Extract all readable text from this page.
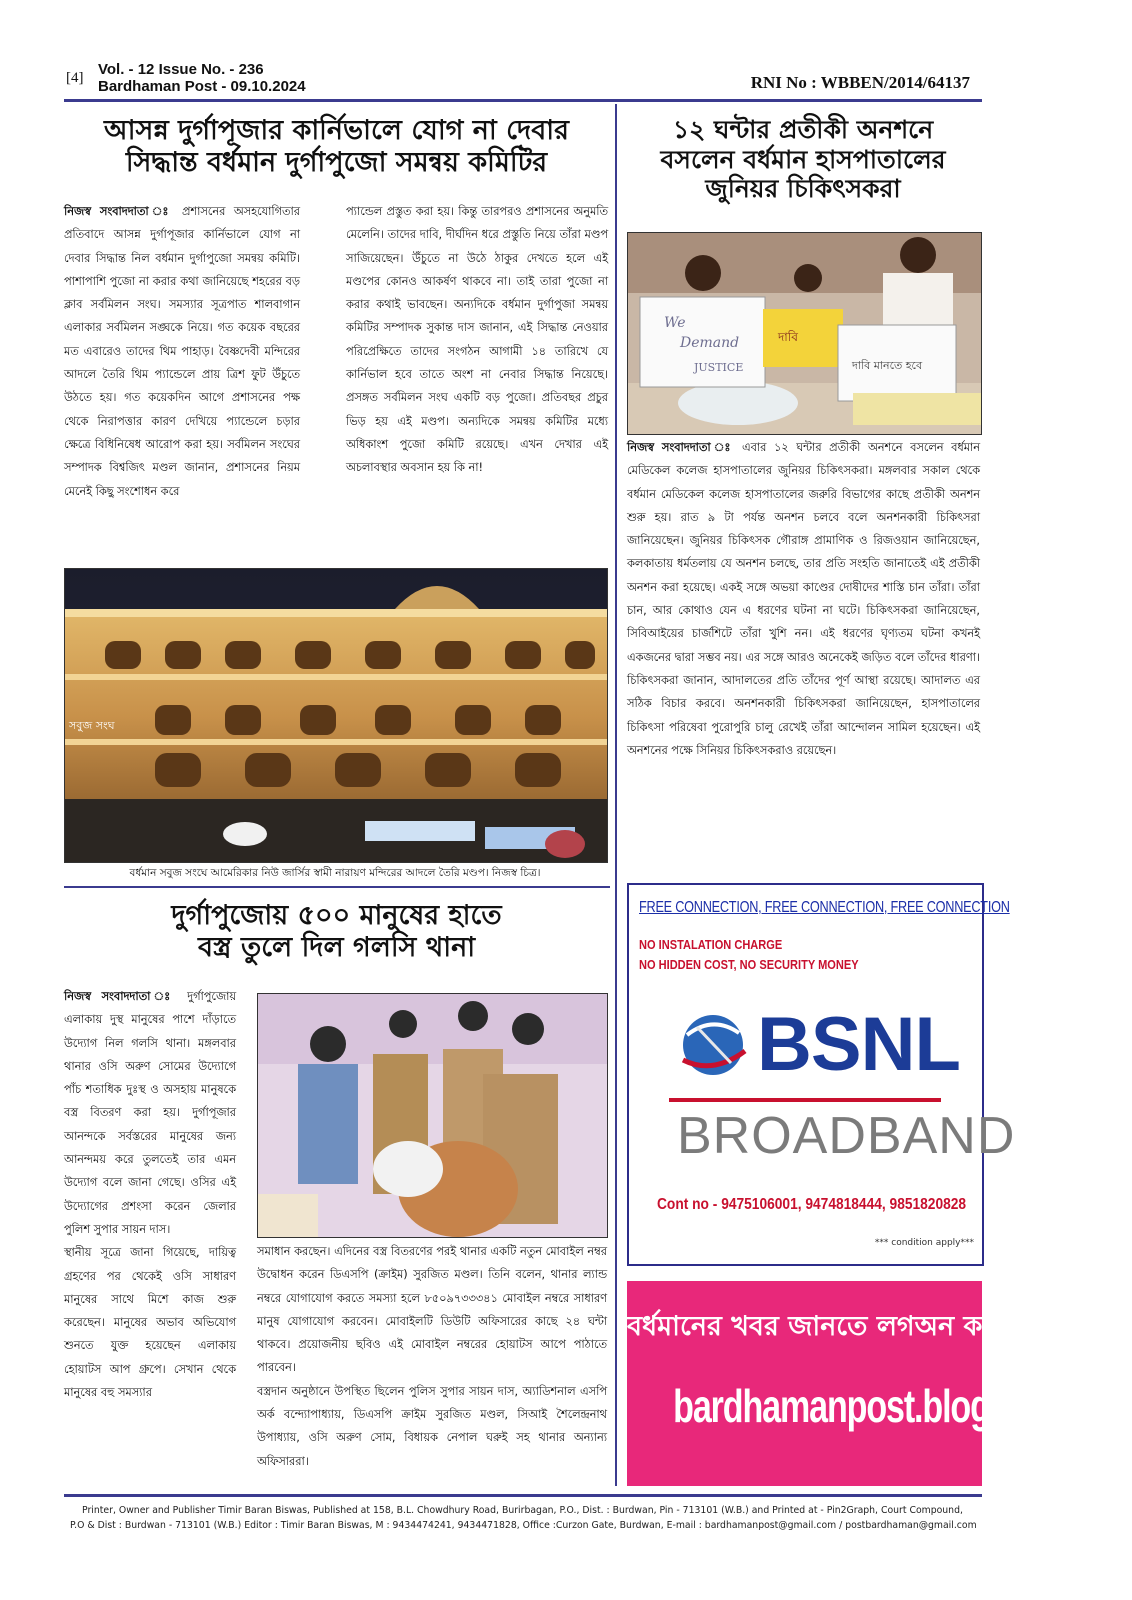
[4] Vol. - 12 Issue No. - 236
Bardhaman Post - 09.10.2024	RNI No : WBBEN/2014/64137
আসন্ন দুর্গাপূজার কার্নিভালে যোগ না দেবার
সিদ্ধান্ত বর্ধমান দুর্গাপুজো সমন্বয় কমিটির

নিজস্ব সংবাদদাতা ঃ প্রশাসনের অসহযোগিতার প্রতিবাদে আসন্ন দুর্গাপূজার কার্নিভালে যোগ না দেবার সিদ্ধান্ত নিল বর্ধমান দুর্গাপুজো সমন্বয় কমিটি। পাশাপাশি পুজো না করার কথা জানিয়েছে শহরের বড় ক্লাব সর্বমিলন সংঘ। সমস্যার সূত্রপাত শালবাগান এলাকার সর্বমিলন সঙ্ঘকে নিয়ে। গত কয়েক বছরের মত এবারেও তাদের থিম পাহাড়। বৈষ্ণদেবী মন্দিরের আদলে তৈরি থিম প্যান্ডেলে প্রায় ত্রিশ ফুট উঁচুতে উঠতে হয়। গত কয়েকদিন আগে প্রশাসনের পক্ষ থেকে নিরাপত্তার কারণ দেখিয়ে প্যান্ডেলে চড়ার ক্ষেত্রে বিধিনিষেধ আরোপ করা হয়। সর্বমিলন সংঘের সম্পাদক বিশ্বজিৎ মণ্ডল জানান, প্রশাসনের নিয়ম মেনেই কিছু সংশোধন করে

প্যান্ডেল প্রস্তুত করা হয়। কিন্তু তারপরও প্রশাসনের অনুমতি মেলেনি। তাদের দাবি, দীর্ঘদিন ধরে প্রস্তুতি নিয়ে তাঁরা মণ্ডপ সাজিয়েছেন। উঁচুতে না উঠে ঠাকুর দেখতে হলে এই মণ্ডপের কোনও আকর্ষণ থাকবে না। তাই তারা পুজো না করার কথাই ভাবছেন। অন্যদিকে বর্ধমান দুর্গাপুজা সমন্বয় কমিটির সম্পাদক সুকান্ত দাস জানান, এই সিদ্ধান্ত নেওয়ার পরিপ্রেক্ষিতে তাদের সংগঠন আগামী ১৪ তারিখে যে কার্নিভাল হবে তাতে অংশ না নেবার সিদ্ধান্ত নিয়েছে। প্রসঙ্গত সর্বমিলন সংঘ একটি বড় পুজো। প্রতিবছর প্রচুর ভিড় হয় এই মণ্ডপ। অন্যদিকে সমন্বয় কমিটির মধ্যে অধিকাংশ পুজো কমিটি রয়েছে। এখন দেখার এই অচলাবস্থার অবসান হয় কি না!

সবুজ সংঘ
বর্ধমান সবুজ সংঘে আমেরিকার নিউ জার্সির স্বামী নারায়ণ মন্দিরের আদলে তৈরি মণ্ডপ। নিজস্ব চিত্র।
১২ ঘন্টার প্রতীকী অনশনে
বসলেন বর্ধমান হাসপাতালের
জুনিয়র চিকিৎসকরা
We
Demand
JUSTICE
দাবি
দাবি মানতে হবে

নিজস্ব সংবাদদাতা ঃ এবার ১২ ঘন্টার প্রতীকী অনশনে বসলেন বর্ধমান মেডিকেল কলেজ হাসপাতালের জুনিয়র চিকিৎসকরা। মঙ্গলবার সকাল থেকে বর্ধমান মেডিকেল কলেজ হাসপাতালের জরুরি বিভাগের কাছে প্রতীকী অনশন শুরু হয়। রাত ৯ টা পর্যন্ত অনশন চলবে বলে অনশনকারী চিকিৎসরা জানিয়েছেন। জুনিয়র চিকিৎসক গৌরাঙ্গ প্রামাণিক ও রিজওয়ান জানিয়েছেন, কলকাতায় ধর্মতলায় যে অনশন চলছে, তার প্রতি সংহতি জানাতেই এই প্রতীকী অনশন করা হয়েছে। একই সঙ্গে অভয়া কাণ্ডের দোষীদের শাস্তি চান তাঁরা। তাঁরা চান, আর কোথাও যেন এ ধরণের ঘটনা না ঘটে। চিকিৎসকরা জানিয়েছেন, সিবিআইয়ের চার্জশিটে তাঁরা খুশি নন। এই ধরণের ঘৃণ্যতম ঘটনা কখনই একজনের দ্বারা সম্ভব নয়। এর সঙ্গে আরও অনেকেই জড়িত বলে তাঁদের ধারণা। চিকিৎসকরা জানান, আদালতের প্রতি তাঁদের পূর্ণ আস্থা রয়েছে। আদালত এর সঠিক বিচার করবে। অনশনকারী চিকিৎসকরা জানিয়েছেন, হাসপাতালের চিকিৎসা পরিষেবা পুরোপুরি চালু রেখেই তাঁরা আন্দোলন সামিল হয়েছেন। এই অনশনের পক্ষে সিনিয়র চিকিৎসকরাও রয়েছেন।

দুর্গাপুজোয় ৫০০ মানুষের হাতে
বস্ত্র তুলে দিল গলসি থানা

নিজস্ব সংবাদদাতা ঃ দুর্গাপুজোয় এলাকায় দুস্থ মানুষের পাশে দাঁড়াতে উদ্যোগ নিল গলসি থানা। মঙ্গলবার থানার ওসি অরুণ সোমের উদ্যোগে পাঁচ শতাধিক দুঃস্থ ও অসহায় মানুষকে বস্ত্র বিতরণ করা হয়। দুর্গাপূজার আনন্দকে সর্বস্তরের মানুষের জন্য আনন্দময় করে তুলতেই তার এমন উদ্যোগ বলে জানা গেছে। ওসির এই উদ্যোগের প্রশংসা করেন জেলার পুলিশ সুপার সায়ন দাস।

স্থানীয় সূত্রে জানা গিয়েছে, দায়িত্ব গ্রহণের পর থেকেই ওসি সাধারণ মানুষের সাথে মিশে কাজ শুরু করেছেন। মানুষের অভাব অভিযোগ শুনতে যুক্ত হয়েছেন এলাকায় হোয়াটস আপ গ্রুপে। সেখান থেকে মানুষের বহু সমস্যার

সমাধান করছেন। এদিনের বস্ত্র বিতরণের পরই থানার একটি নতুন মোবাইল নম্বর উদ্বোধন করেন ডিএসপি (ক্রাইম) সুরজিত মণ্ডল। তিনি বলেন, থানার ল্যান্ড নম্বরে যোগাযোগ করতে সমস্যা হলে ৮৫০৯৭৩৩৩৪১ মোবাইল নম্বরে সাধারণ মানুষ যোগাযোগ করবেন। মোবাইলটি ডিউটি অফিসারের কাছে ২৪ ঘন্টা থাকবে। প্রয়োজনীয় ছবিও এই মোবাইল নম্বরের হোয়াটস আপে পাঠাতে পারবেন।

বস্ত্রদান অনুষ্ঠানে উপস্থিত ছিলেন পুলিস সুপার সায়ন দাস, অ্যাডিশনাল এসপি অর্ক বন্দ্যোপাধ্যায়, ডিএসপি ক্রাইম সুরজিত মণ্ডল, সিআই শৈলেন্দ্রনাথ উপাধ্যায়, ওসি অরুণ সোম, বিধায়ক নেপাল ঘরুই সহ থানার অন্যান্য অফিসাররা।

FREE CONNECTION, FREE CONNECTION, FREE CONNECTION
NO INSTALATION CHARGE
NO HIDDEN COST, NO SECURITY MONEY
BSNL
BROADBAND
Cont no - 9475106001, 9474818444, 9851820828
*** condition apply***
বর্ধমানের খবর জানতে লগঅন করুন
bardhamanpost.blogspot.com
Printer, Owner and Publisher Timir Baran Biswas, Published at 158, B.L. Chowdhury Road, Burirbagan, P.O., Dist. : Burdwan, Pin - 713101 (W.B.) and Printed at - Pin2Graph, Court Compound,
P.O & Dist : Burdwan - 713101 (W.B.) Editor : Timir Baran Biswas, M : 9434474241, 9434471828, Office :Curzon Gate, Burdwan, E-mail : bardhamanpost@gmail.com / postbardhaman@gmail.com
